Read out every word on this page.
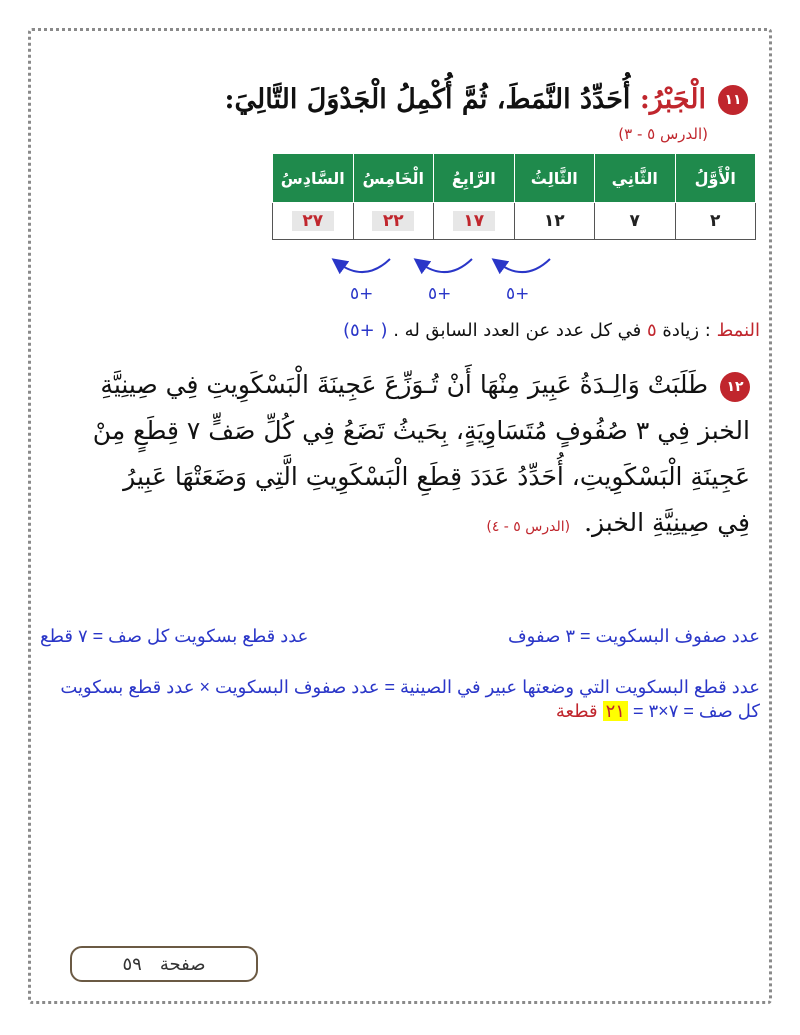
١١
الْجَبْرُ: أُحَدِّدُ النَّمَطَ، ثُمَّ أُكْمِلُ الْجَدْوَلَ التَّالِيَ:
(الدرس ٥ - ٣)
الْأَوَّلُ	الثَّانِي	الثَّالِثُ	الرَّابِعُ	الْخَامِسُ	السَّادِسُ
٢	٧	١٢	١٧	٢٢	٢٧
٥+	٥+	٥+
النمط : زيادة ٥ في كل عدد عن العدد السابق له . ( +٥)
١٢طَلَبَتْ وَالِـدَةُ عَبِيرَ مِنْهَا أَنْ تُـوَزِّعَ عَجِينَةَ الْبَسْكَوِيتِ فِي صِينِيَّةِ الخبز فِي ٣ صُفُوفٍ مُتَسَاوِيَةٍ، بِحَيثُ تَضَعُ فِي كُلِّ صَفٍّ ٧ قِطَعٍ مِنْ عَجِينَةِ الْبَسْكَوِيتِ، أُحَدِّدُ عَدَدَ قِطَعِ الْبَسْكَوِيتِ الَّتِي وَضَعَتْهَا عَبِيرُ فِي صِينِيَّةِ الخبز. (الدرس ٥ - ٤)
عدد صفوف البسكويت = ٣ صفوف
عدد قطع بسكويت كل صف = ٧ قطع
عدد قطع البسكويت التي وضعتها عبير في الصينية = عدد صفوف البسكويت × عدد قطع بسكويت كل صف = ٧×٣ = ٢١ قطعة
صفحة
٥٩
